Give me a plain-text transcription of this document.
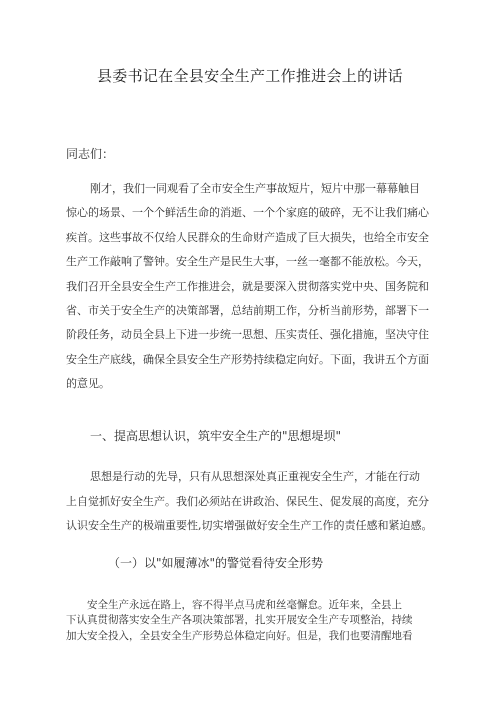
县委书记在全县安全生产工作推进会上的讲话
同志们：
刚才，我们一同观看了全市安全生产事故短片，短片中那一幕幕触目
惊心的场景、一个个鲜活生命的消逝、一个个家庭的破碎，无不让我们痛心
疾首。这些事故不仅给人民群众的生命财产造成了巨大损失，也给全市安全
生产工作敲响了警钟。安全生产是民生大事，一丝一毫都不能放松。今天，
我们召开全县安全生产工作推进会，就是要深入贯彻落实党中央、国务院和
省、市关于安全生产的决策部署，总结前期工作，分析当前形势，部署下一
阶段任务，动员全县上下进一步统一思想、压实责任、强化措施，坚决守住
安全生产底线，确保全县安全生产形势持续稳定向好。下面，我讲五个方面
的意见。
一、提高思想认识，筑牢安全生产的"思想堤坝"
思想是行动的先导，只有从思想深处真正重视安全生产，才能在行动
上自觉抓好安全生产。我们必须站在讲政治、保民生、促发展的高度，充分
认识安全生产的极端重要性,切实增强做好安全生产工作的责任感和紧迫感。
（一）以"如履薄冰"的警觉看待安全形势
安全生产永远在路上，容不得半点马虎和丝毫懈怠。近年来，全县上
下认真贯彻落实安全生产各项决策部署，扎实开展安全生产专项整治，持续
加大安全投入，全县安全生产形势总体稳定向好。但是，我们也要清醒地看
